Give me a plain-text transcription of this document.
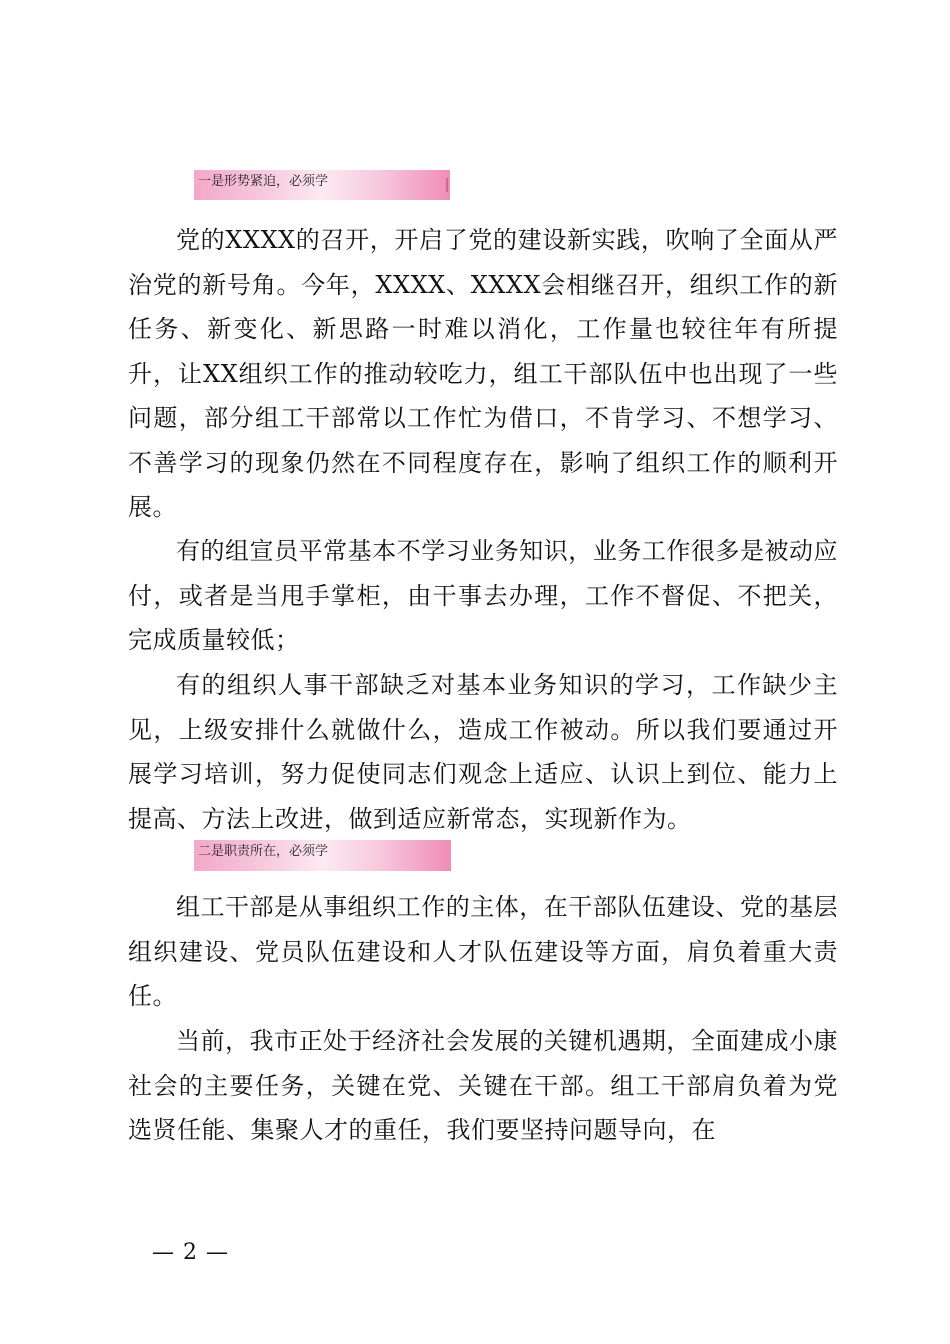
一是形势紧迫，必须学

党的XXXX的召开，开启了党的建设新实践，吹响了全面从严治党的新号角。今年，XXXX、XXXX会相继召开，组织工作的新任务、新变化、新思路一时难以消化，工作量也较往年有所提升，让XX组织工作的推动较吃力，组工干部队伍中也出现了一些问题，部分组工干部常以工作忙为借口，不肯学习、不想学习、不善学习的现象仍然在不同程度存在，影响了组织工作的顺利开展。

有的组宣员平常基本不学习业务知识，业务工作很多是被动应付，或者是当甩手掌柜，由干事去办理，工作不督促、不把关，完成质量较低；

有的组织人事干部缺乏对基本业务知识的学习，工作缺少主见，上级安排什么就做什么，造成工作被动。所以我们要通过开展学习培训，努力促使同志们观念上适应、认识上到位、能力上提高、方法上改进，做到适应新常态，实现新作为。

二是职责所在，必须学

组工干部是从事组织工作的主体，在干部队伍建设、党的基层组织建设、党员队伍建设和人才队伍建设等方面，肩负着重大责任。

当前，我市正处于经济社会发展的关键机遇期，全面建成小康社会的主要任务，关键在党、关键在干部。组工干部肩负着为党选贤任能、集聚人才的重任，我们要坚持问题导向，在

— 2 —
